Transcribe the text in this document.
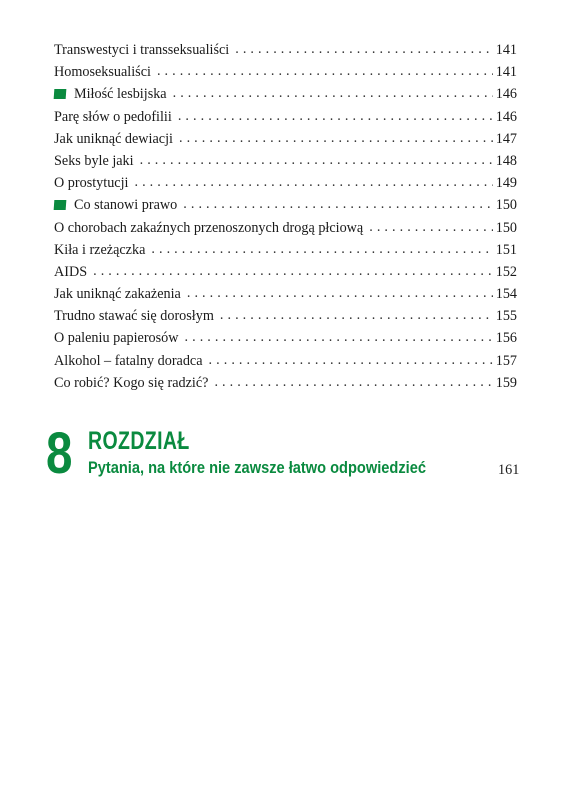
Transwestyci i transseksualiści . . .	141
Homoseksualiści . . .	141
Miłość lesbijska . . .	146
Parę słów o pedofilii . . .	146
Jak uniknąć dewiacji . . .	147
Seks byle jaki . . .	148
O prostytucji . . .	149
Co stanowi prawo . . .	150
O chorobach zakaźnych przenoszonych drogą płciową . . .	150
Kiła i rzeżączka . . .	151
AIDS . . .	152
Jak uniknąć zakażenia . . .	154
Trudno stawać się dorosłym . . .	155
O paleniu papierosów . . .	156
Alkohol – fatalny doradca . . .	157
Co robić? Kogo się radzić? . . .	159
8 ROZDZIAŁ
Pytania, na które nie zawsze łatwo odpowiedzieć	161
